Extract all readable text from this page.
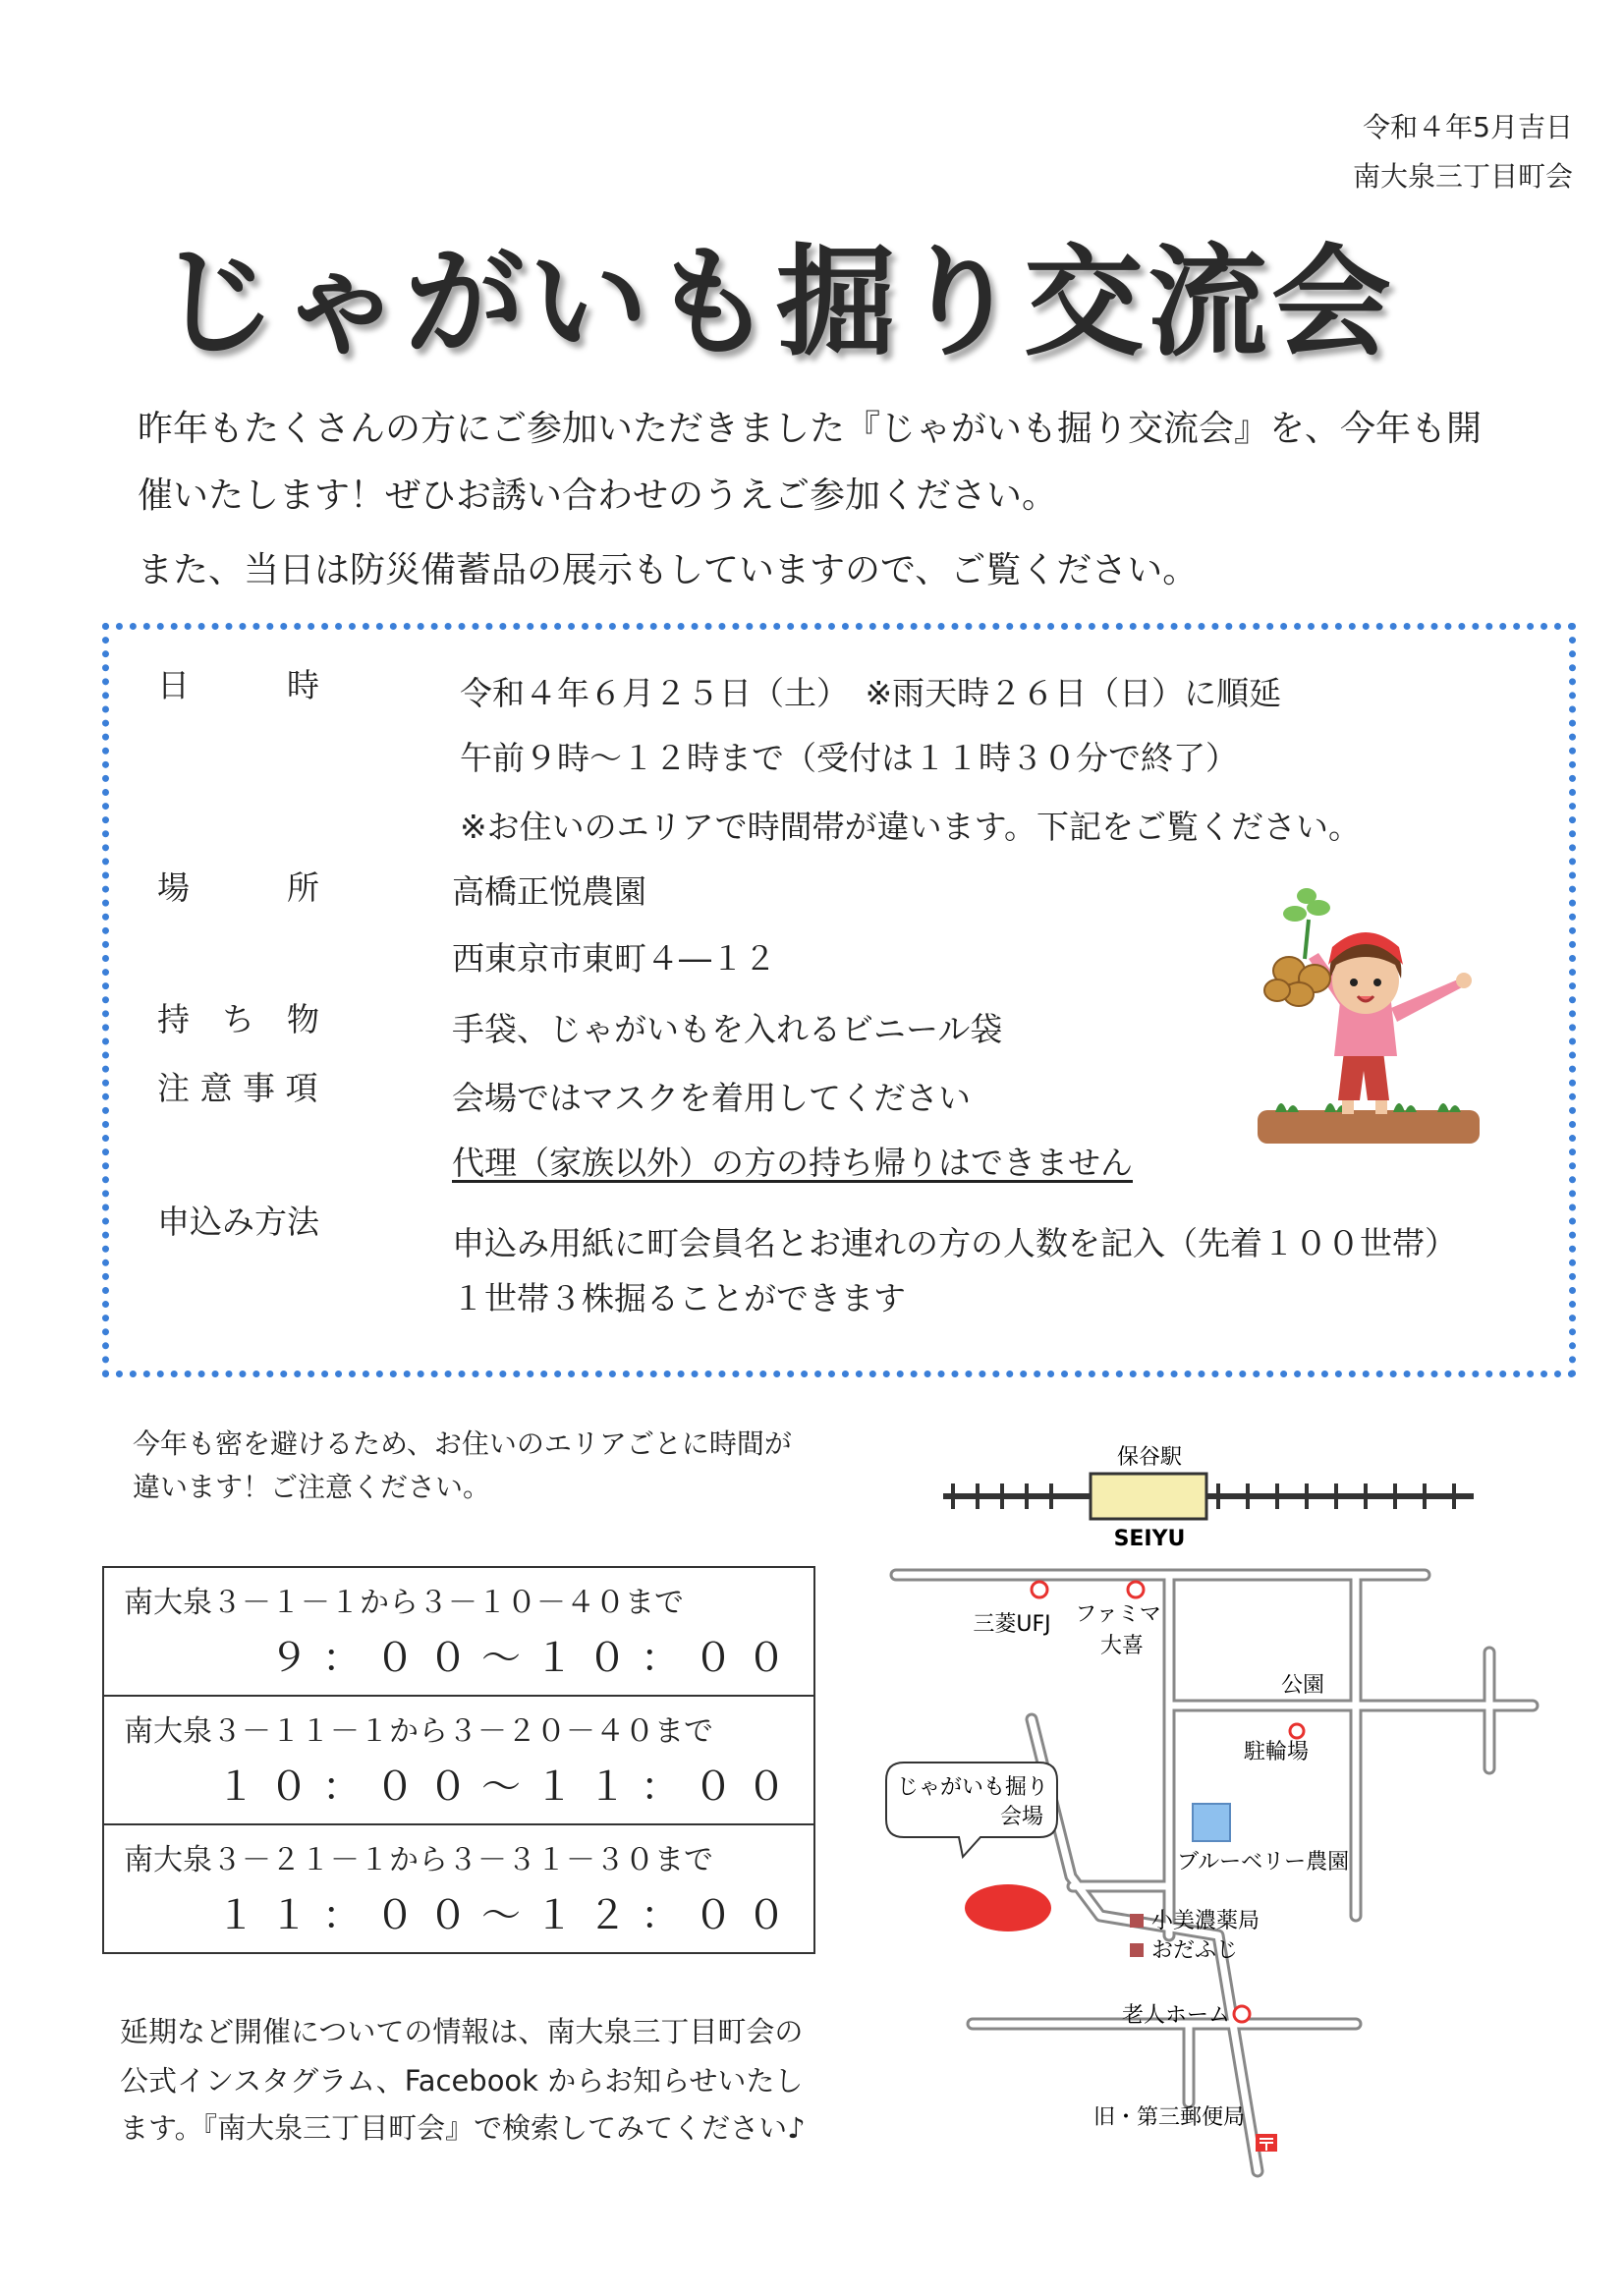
令和４年5月吉日
南大泉三丁目町会
じゃがいも掘り交流会
昨年もたくさんの方にご参加いただきました『じゃがいも掘り交流会』を、今年も開
催いたします！ぜひお誘い合わせのうえご参加ください。
また、当日は防災備蓄品の展示もしていますので、ご覧ください。
日　　　時	令和４年６月２５日（土）　※雨天時２６日（日）に順延
午前９時～１２時まで（受付は１１時３０分で終了）
※お住いのエリアで時間帯が違います。下記をご覧ください。
場　　　所	高橋正悦農園
西東京市東町４―１２
持　ち　物	手袋、じゃがいもを入れるビニール袋
注 意 事 項	会場ではマスクを着用してください
代理（家族以外）の方の持ち帰りはできません
申込み方法
申込み用紙に町会員名とお連れの方の人数を記入（先着１００世帯）
１世帯３株掘ることができます
今年も密を避けるため、お住いのエリアごとに時間が
違います！ご注意ください。
南大泉３－１－１から３－１０－４０まで
９：００～１０：００
南大泉３－１１－１から３－２０－４０まで
１０：００～１１：００
南大泉３－２１－１から３－３１－３０まで
１１：００～１２：００
延期など開催についての情報は、南大泉三丁目町会の
公式インスタグラム、Facebook からお知らせいたし
ます。『南大泉三丁目町会』で検索してみてください♪
保谷駅
SEIYU
三菱UFJ ファミマ
大喜
公園
駐輪場
ブルーベリー農園
小美濃薬局
おだふじ
老人ホーム
旧・第三郵便局
じゃがいも掘り
会場
